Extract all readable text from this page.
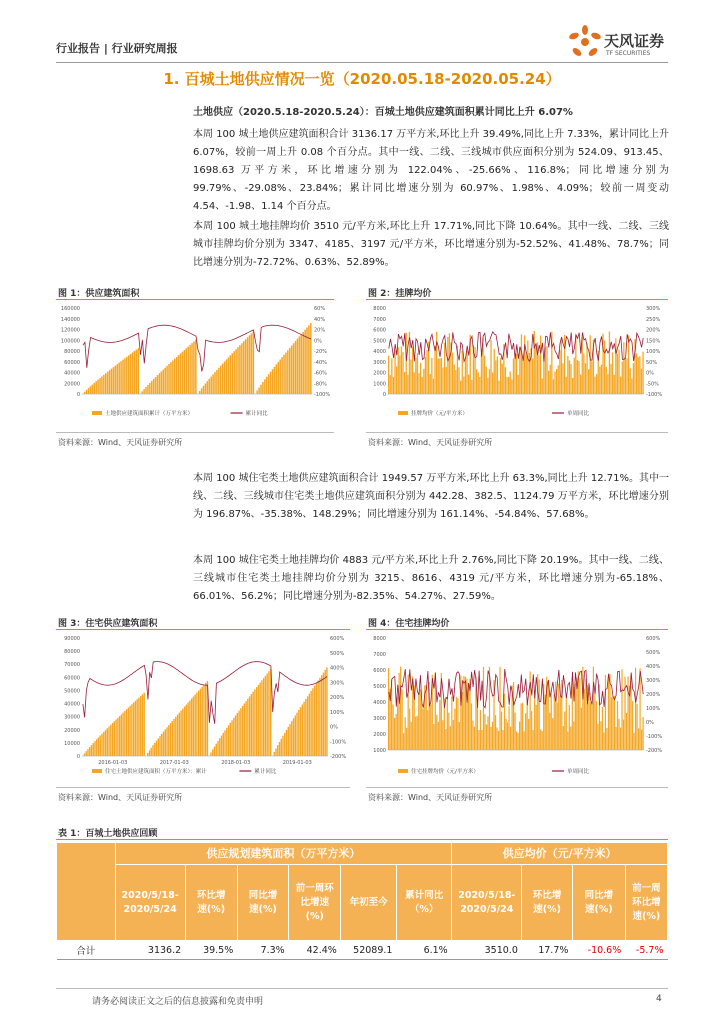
行业报告 | 行业研究周报	天风证券
TF SECURITIES
1. 百城土地供应情况一览（2020.05.18-2020.05.24）
土地供应（2020.5.18-2020.5.24）：百城土地供应建筑面积累计同比上升 6.07%
本周 100 城土地供应建筑面积合计 3136.17 万平方米,环比上升 39.49%,同比上升 7.33%，累计同比上升 6.07%，较前一周上升 0.08 个百分点。其中一线、二线、三线城市供应面积分别为 524.09、913.45、1698.63 万平方米，环比增速分别为 122.04%、-25.66%、116.8%；同比增速分别为 99.79%、-29.08%、23.84%；累计同比增速分别为 60.97%、1.98%、4.09%；较前一周变动 4.54、-1.98、1.14 个百分点。
本周 100 城土地挂牌均价 3510 元/平方米,环比上升 17.71%,同比下降 10.64%。其中一线、二线、三线城市挂牌均价分别为 3347、4185、3197 元/平方米，环比增速分别为-52.52%、41.48%、78.7%；同比增速分别为-72.72%、0.63%、52.89%。
图 1：供应建筑面积
160000
140000
120000
100000
80000
60000
40000
20000
0
60%
40%
20%
0%
-20%
-40%
-60%
-80%
-100%
土地供应建筑面积累计（万平方米）	累计同比
资料来源：Wind、天风证券研究所
图 2：挂牌均价
8000
7000
6000
5000
4000
3000
2000
1000
0
300%
250%
200%
150%
100%
50%
0%
-50%
-100%
挂牌均价（元/平方米）	单周同比
资料来源：Wind、天风证券研究所
本周 100 城住宅类土地供应建筑面积合计 1949.57 万平方米,环比上升 63.3%,同比上升 12.71%。其中一线、二线、三线城市住宅类土地供应建筑面积分别为 442.28、382.5、1124.79 万平方米，环比增速分别为 196.87%、-35.38%、148.29%；同比增速分别为 161.14%、-54.84%、57.68%。
本周 100 城住宅类土地挂牌均价 4883 元/平方米,环比上升 2.76%,同比下降 20.19%。其中一线、二线、三线城市住宅类土地挂牌均价分别为 3215、8616、4319 元/平方米，环比增速分别为-65.18%、66.01%、56.2%；同比增速分别为-82.35%、54.27%、27.59%。
图 3：住宅供应建筑面积
90000
80000
70000
60000
50000
40000
30000
20000
10000
0
600%
500%
400%
300%
200%
100%
0%
-100%
-200%
2016-01-03	2017-01-03	2018-01-03	2019-01-03
住宅土地供应建筑面积（万平方米）：累计	累计同比
资料来源：Wind、天风证券研究所
图 4：住宅挂牌均价
8000
7000
6000
5000
4000
3000
2000
1000
600%
500%
400%
300%
200%
100%
0%
-100%
-200%
住宅挂牌均价（元/平方米）	单周同比
资料来源：Wind、天风证券研究所
表 1：百城土地供应回顾
	供应规划建筑面积（万平方米）						供应均价（元/平方米）			
	2020/5/18-2020/5/24	环比增速(%)	同比增速(%)	前一周环比增速(%)	年初至今	累计同比（%）	2020/5/18-2020/5/24	环比增速(%)	同比增速(%)	前一周环比增速(%)
合计	3136.2	39.5%	7.3%	42.4%	52089.1	6.1%	3510.0	17.7%	-10.6%	-5.7%
请务必阅读正文之后的信息披露和免责申明	4
